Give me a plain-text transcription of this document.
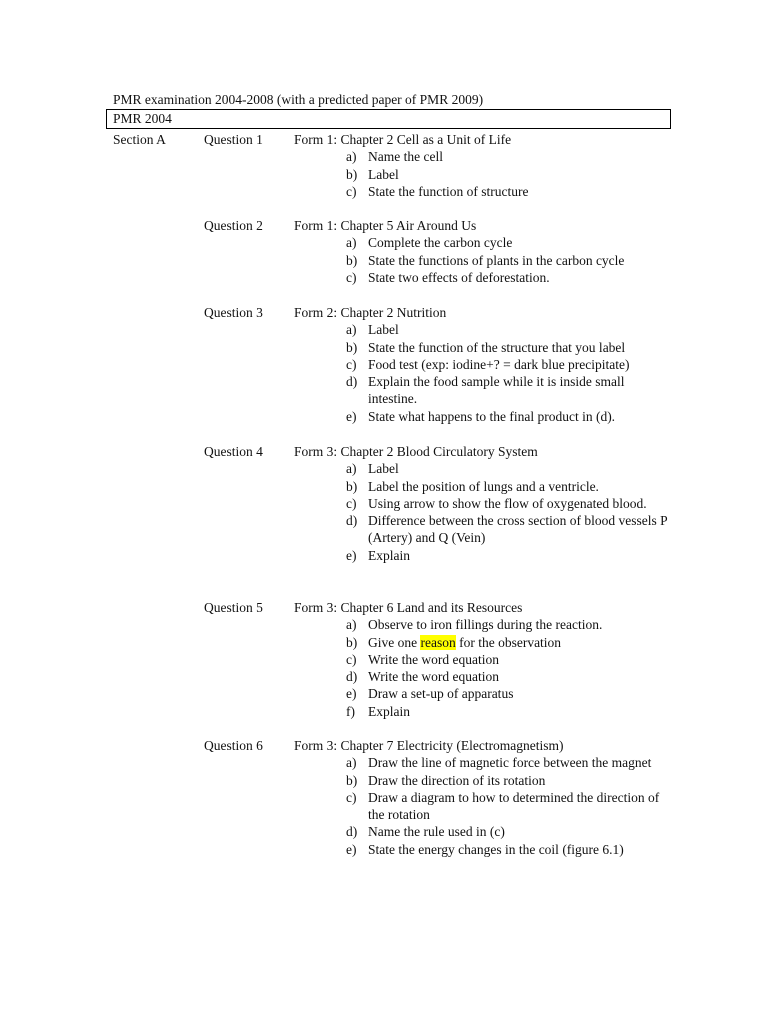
PMR examination 2004-2008 (with a predicted paper of PMR 2009)
PMR 2004
Section A	Question 1 Form 1: Chapter 2 Cell as a Unit of Life
a) Name the cell
b) Label
c) State the function of structure
Question 2 Form 1: Chapter 5 Air Around Us
a) Complete the carbon cycle
b) State the functions of plants in the carbon cycle
c) State two effects of deforestation.
Question 3 Form 2: Chapter 2 Nutrition
a) Label
b) State the function of the structure that you label
c) Food test (exp: iodine+? = dark blue precipitate)
d) Explain the food sample while it is inside small intestine.
e) State what happens to the final product in (d).
Question 4 Form 3: Chapter 2 Blood Circulatory System
a) Label
b) Label the position of lungs and a ventricle.
c) Using arrow to show the flow of oxygenated blood.
d) Difference between the cross section of blood vessels P (Artery) and Q (Vein)
e) Explain
Question 5 Form 3: Chapter 6 Land and its Resources
a) Observe to iron fillings during the reaction.
b) Give one reason for the observation
c) Write the word equation
d) Write the word equation
e) Draw a set-up of apparatus
f) Explain
Question 6 Form 3: Chapter 7 Electricity (Electromagnetism)
a) Draw the line of magnetic force between the magnet
b) Draw the direction of its rotation
c) Draw a diagram to how to determined the direction of the rotation
d) Name the rule used in (c)
e) State the energy changes in the coil (figure 6.1)
